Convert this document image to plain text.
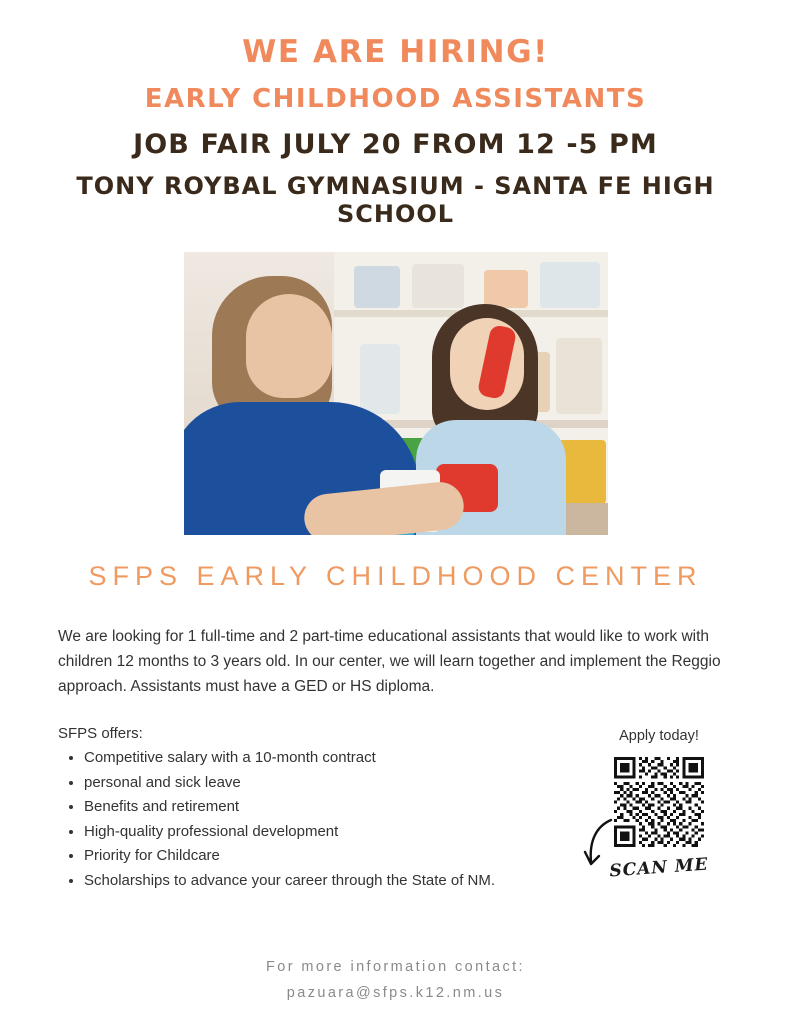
WE ARE HIRING!
EARLY CHILDHOOD ASSISTANTS
JOB FAIR JULY 20 FROM 12 -5 PM
TONY ROYBAL GYMNASIUM - SANTA FE HIGH SCHOOL
SFPS EARLY CHILDHOOD CENTER

We are looking for 1 full-time and 2 part-time educational assistants that would like to work with children 12 months to 3 years old. In our center, we will learn together and implement the Reggio approach. Assistants must have a GED or HS diploma.

SFPS offers:
• Competitive salary with a 10-month contract
• personal and sick leave
• Benefits and retirement
• High-quality professional development
• Priority for Childcare
• Scholarships to advance your career through the State of NM.
Apply today!
SCAN ME
For more information contact:
pazuara@sfps.k12.nm.us
